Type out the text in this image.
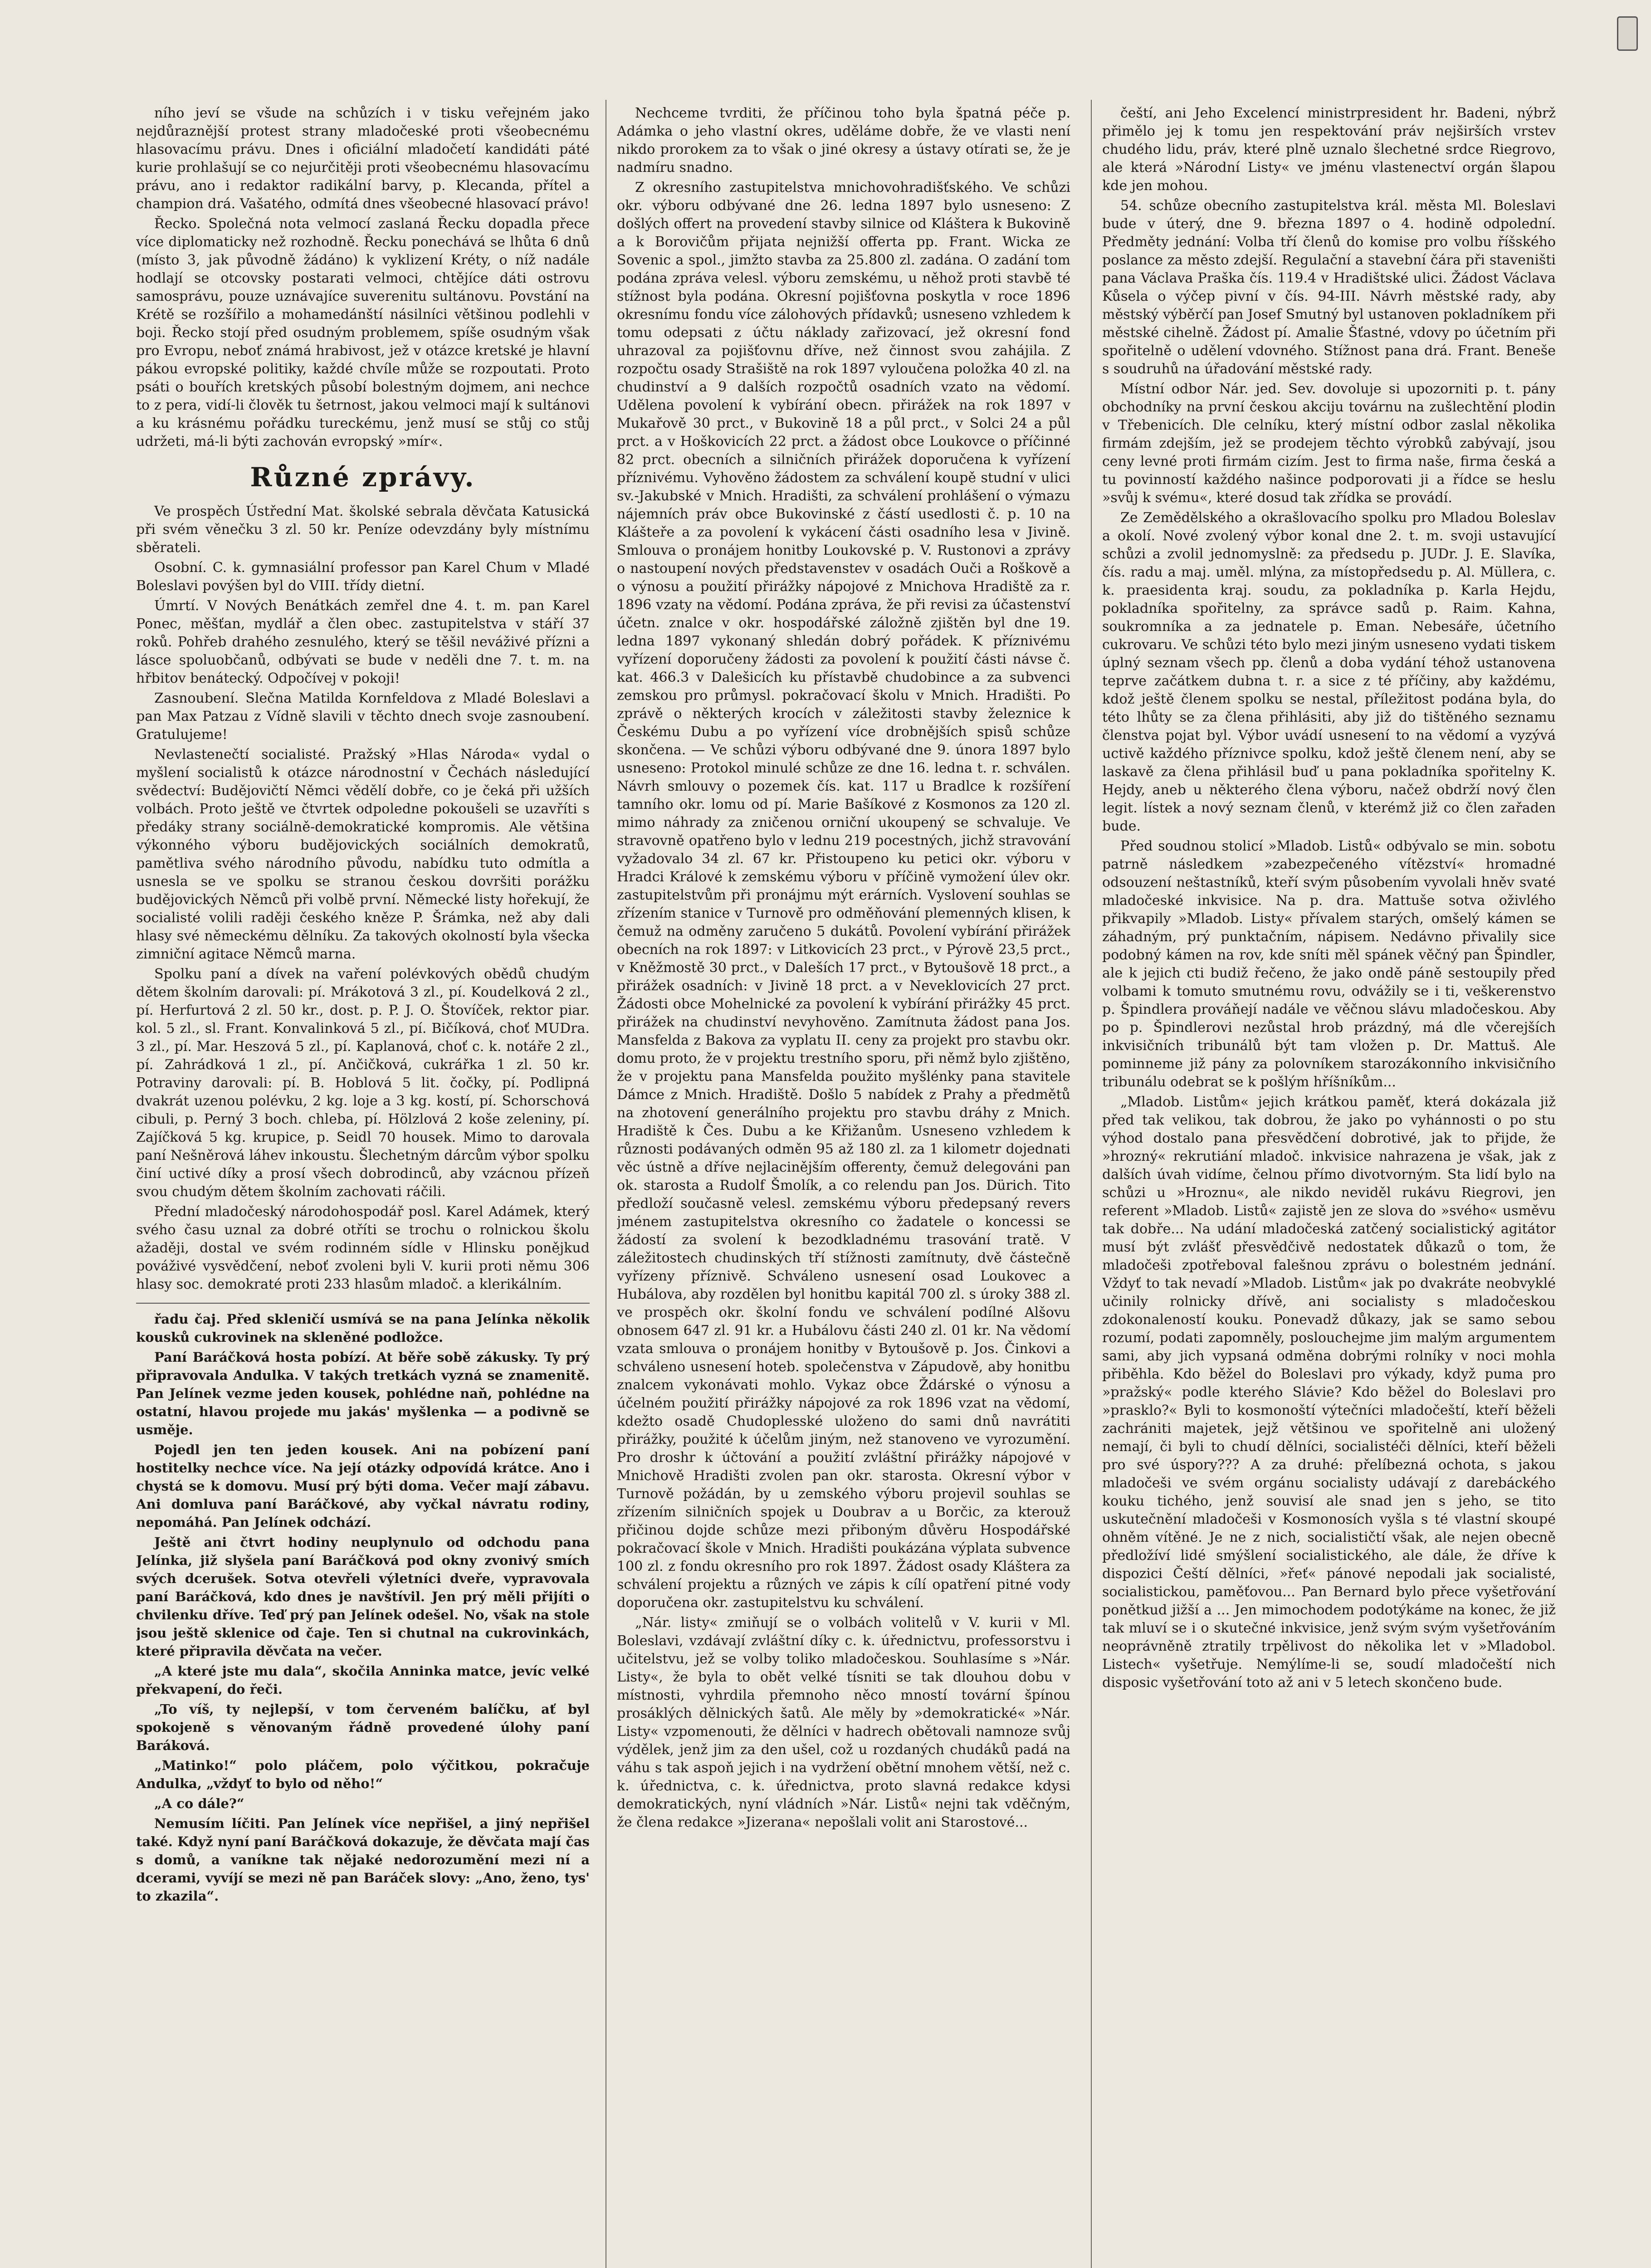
ního jeví se všude na schůzích i v tisku veřejném jako nejdůraznější protest strany mladočeské proti všeobecnému hlasovacímu právu. Dnes i oficiální mladočetí kandidáti páté kurie prohlašují se co nejurčitěji proti všeobecnému hlasovacímu právu, ano i redaktor radikální barvy, p. Klecanda, přítel a champion drá. Vašatého, odmítá dnes všeobecné hlasovací právo!

Řecko. Společná nota velmocí zaslaná Řecku dopadla přece více diplomaticky než rozhodně. Řecku ponechává se lhůta 6 dnů (místo 3, jak původně žádáno) k vyklizení Kréty, o níž nadále hodlají se otcovsky postarati velmoci, chtějíce dáti ostrovu samosprávu, pouze uznávajíce suverenitu sultánovu. Povstání na Krétě se rozšířilo a mohamedánští násilníci většinou podlehli v boji. Řecko stojí před osudným problemem, spíše osudným však pro Evropu, neboť známá hrabivost, jež v otázce kretské je hlavní pákou evropské politiky, každé chvíle může se rozpoutati. Proto psáti o bouřích kretských působí bolestným dojmem, ani nechce to z pera, vidí-li člověk tu šetrnost, jakou velmoci mají k sultánovi a ku krásnému pořádku tureckému, jenž musí se stůj co stůj udržeti, má-li býti zachován evropský »mír«.

Různé zprávy.

Ve prospěch Ústřední Mat. školské sebrala děvčata Katusická při svém věnečku 3 zl. 50 kr. Peníze odevzdány byly místnímu sběrateli.

Osobní. C. k. gymnasiální professor pan Karel Chum v Mladé Boleslavi povýšen byl do VIII. třídy dietní.

Úmrtí. V Nových Benátkách zemřel dne 4. t. m. pan Karel Ponec, měšťan, mydlář a člen obec. zastupitelstva v stáří 37 roků. Pohřeb drahého zesnulého, který se těšil neváživé přízni a lásce spoluobčanů, odbývati se bude v neděli dne 7. t. m. na hřbitov benátecký. Odpočívej v pokoji!

Zasnoubení. Slečna Matilda Kornfeldova z Mladé Boleslavi a pan Max Patzau z Vídně slavili v těchto dnech svoje zasnoubení. Gratulujeme!

Nevlastenečtí socialisté. Pražský »Hlas Národa« vydal o myšlení socialistů k otázce národnostní v Čechách následující svědectví: Budějovičtí Němci vědělí dobře, co je čeká při užších volbách. Proto ještě ve čtvrtek odpoledne pokoušeli se uzavříti s předáky strany sociálně-demokratické kompromis. Ale většina výkonného výboru budějovických sociálních demokratů, pamětliva svého národního původu, nabídku tuto odmítla a usnesla se ve spolku se stranou českou dovršiti porážku budějovických Němců při volbě první. Německé listy hořekují, že socialisté volili raději českého kněze P. Šrámka, než aby dali hlasy své německému dělníku. Za takových okolností byla všecka zimniční agitace Němců marna.

Spolku paní a dívek na vaření polévkových obědů chudým dětem školním darovali: pí. Mrákotová 3 zl., pí. Koudelková 2 zl., pí. Herfurtová 2 zl. 50 kr., dost. p. P. J. O. Štovíček, rektor piar. kol. 5 zl., sl. Frant. Konvalinková 5 zl., pí. Bičíková, choť MUDra. 3 zl., pí. Mar. Heszová 5 zl., pí. Kaplanová, choť c. k. notáře 2 zl., pí. Zahrádková 1 zl., pí. Ančičková, cukrářka 1 zl. 50 kr. Potraviny darovali: pí. B. Hoblová 5 lit. čočky, pí. Podlipná dvakrát uzenou polévku, 2 kg. loje a 3 kg. kostí, pí. Schorschová cibuli, p. Perný 3 boch. chleba, pí. Hölzlová 2 koše zeleniny, pí. Zajíčková 5 kg. krupice, p. Seidl 70 housek. Mimo to darovala paní Nešněrová láhev inkoustu. Šlechetným dárcům výbor spolku činí uctivé díky a prosí všech dobrodinců, aby vzácnou přízeň svou chudým dětem školním zachovati ráčili.

Přední mladočeský národohospodář posl. Karel Adámek, který svého času uznal za dobré otříti se trochu o rolnickou školu ažaději, dostal ve svém rodinném sídle v Hlinsku ponějkud pováživé vysvědčení, neboť zvoleni byli V. kurii proti němu 306 hlasy soc. demokraté proti 233 hlasům mladoč. a klerikálním.

řadu čaj. Před skleničí usmívá se na pana Jelínka několik kousků cukrovinek na skleněné podložce.

Paní Baráčková hosta pobízí. At běře sobě zákusky. Ty prý připravovala Andulka. V takých tretkách vyzná se znamenitě. Pan Jelínek vezme jeden kousek, pohlédne naň, pohlédne na ostatní, hlavou projede mu jakás' myšlenka — a podivně se usměje.

Pojedl jen ten jeden kousek. Ani na pobízení paní hostitelky nechce více. Na její otázky odpovídá krátce. Ano i chystá se k domovu. Musí prý býti doma. Večer mají zábavu. Ani domluva paní Baráčkové, aby vyčkal návratu rodiny, nepomáhá. Pan Jelínek odchází.

Ještě ani čtvrt hodiny neuplynulo od odchodu pana Jelínka, již slyšela paní Baráčková pod okny zvonivý smích svých dcerušek. Sotva otevřeli výletníci dveře, vypravovala paní Baráčková, kdo dnes je navštívil. Jen prý měli přijíti o chvilenku dříve. Teď prý pan Jelínek odešel. No, však na stole jsou ještě sklenice od čaje. Ten si chutnal na cukrovinkách, které připravila děvčata na večer.

„A které jste mu dala“, skočila Anninka matce, jevíc velké překvapení, do řeči.

„To víš, ty nejlepší, v tom červeném balíčku, ať byl spokojeně s věnovaným řádně provedené úlohy paní Baráková.

„Matinko!“ polo pláčem, polo výčitkou, pokračuje Andulka, „vždyť to bylo od něho!“

„A co dále?“

Nemusím líčiti. Pan Jelínek více nepřišel, a jiný nepřišel také. Když nyní paní Baráčková dokazuje, že děvčata mají čas s domů, a vaníkne tak nějaké nedorozumění mezi ní a dcerami, vyvíjí se mezi ně pan Baráček slovy: „Ano, ženo, tys' to zkazila“.

Nechceme tvrditi, že příčinou toho byla špatná péče p. Adámka o jeho vlastní okres, uděláme dobře, že ve vlasti není nikdo prorokem za to však o jiné okresy a ústavy otírati se, že je nadmíru snadno.

Z okresního zastupitelstva mnichovohradišťského. Ve schůzi okr. výboru odbývané dne 26. ledna 1897 bylo usneseno: Z došlých offert na provedení stavby silnice od Kláštera k Bukovině a k Borovičům přijata nejnižší offerta pp. Frant. Wicka ze Sovenic a spol., jimžto stavba za 25.800 zl. zadána. O zadání tom podána zpráva velesl. výboru zemskému, u něhož proti stavbě té stížnost byla podána. Okresní pojišťovna poskytla v roce 1896 okresnímu fondu více zálohových přídavků; usneseno vzhledem k tomu odepsati z účtu náklady zařizovací, jež okresní fond uhrazoval za pojišťovnu dříve, než činnost svou zahájila. Z rozpočtu osady Strašiště na rok 1897 vyloučena položka 40 zl. na chudinství a 9 dalších rozpočtů osadních vzato na vědomí. Udělena povolení k vybírání obecn. přirážek na rok 1897 v Mukařově 30 prct., v Bukovině 18 a půl prct., v Solci 24 a půl prct. a v Hoškovicích 22 prct. a žádost obce Loukovce o příčinné 82 prct. obecních a silničních přirážek doporučena k vyřízení příznivému. Vyhověno žádostem za schválení koupě studní v ulici sv.-Jakubské v Mnich. Hradišti, za schválení prohlášení o výmazu nájemních práv obce Bukovinské z částí usedlosti č. p. 10 na Klášteře a za povolení k vykácení části osadního lesa v Jivině. Smlouva o pronájem honitby Loukovské p. V. Rustonovi a zprávy o nastoupení nových představenstev v osadách Ouči a Roškově a o výnosu a použití přirážky nápojové z Mnichova Hradiště za r. 1896 vzaty na vědomí. Podána zpráva, že při revisi za účastenství účetn. znalce v okr. hospodářské záložně zjištěn byl dne 19. ledna 1897 vykonaný shledán dobrý pořádek. K příznivému vyřízení doporučeny žádosti za povolení k použití části návse č. kat. 466.3 v Dalešicích ku přístavbě chudobince a za subvenci zemskou pro průmysl. pokračovací školu v Mnich. Hradišti. Po zprávě o některých krocích v záležitosti stavby železnice k Českému Dubu a po vyřízení více drobnějších spisů schůze skončena. — Ve schůzi výboru odbývané dne 9. února 1897 bylo usneseno: Protokol minulé schůze ze dne 16. ledna t. r. schválen. Návrh smlouvy o pozemek čís. kat. 117 u Bradlce k rozšíření tamního okr. lomu od pí. Marie Bašíkové z Kosmonos za 120 zl. mimo náhrady za zničenou orniční ukoupený se schvaluje. Ve stravovně opatřeno bylo v lednu 219 pocestných, jichž stravování vyžadovalo 34 zl. 67 kr. Přistoupeno ku petici okr. výboru v Hradci Králové k zemskému výboru v příčině vymožení úlev okr. zastupitelstvům při pronájmu mýt erárních. Vyslovení souhlas se zřízením stanice v Turnově pro odměňování plemenných klisen, k čemuž na odměny zaručeno 5 dukátů. Povolení vybírání přirážek obecních na rok 1897: v Litkovicích 23 prct., v Pýrově 23,5 prct., v Kněžmostě 30 prct., v Daleších 17 prct., v Bytoušově 18 prct., a přirážek osadních: v Jivině 18 prct. a v Neveklovicích 27 prct. Žádosti obce Mohelnické za povolení k vybírání přirážky 45 prct. přirážek na chudinství nevyhověno. Zamítnuta žádost pana Jos. Mansfelda z Bakova za vyplatu II. ceny za projekt pro stavbu okr. domu proto, že v projektu trestního sporu, při němž bylo zjištěno, že v projektu pana Mansfelda použito myšlénky pana stavitele Dámce z Mnich. Hradiště. Došlo 5 nabídek z Prahy a předmětů na zhotovení generálního projektu pro stavbu dráhy z Mnich. Hradiště k Čes. Dubu a ke Křižanům. Usneseno vzhledem k různosti podávaných odměn 95 až 180 zl. za 1 kilometr dojednati věc ústně a dříve nejlacinějším offerenty, čemuž delegováni pan ok. starosta a Rudolf Šmolík, a co relendu pan Jos. Dürich. Tito předloží současně velesl. zemskému výboru předepsaný revers jménem zastupitelstva okresního co žadatele o koncessi se žádostí za svolení k bezodkladnému trasování tratě. V záležitostech chudinských tří stížnosti zamítnuty, dvě částečně vyřízeny příznivě. Schváleno usnesení osad Loukovec a Hubálova, aby rozdělen byl honitbu kapitál 700 zl. s úroky 388 zl. ve prospěch okr. školní fondu ve schválení podílné Alšovu obnosem 647 zl. 91 kr. a Hubálovu části 240 zl. 01 kr. Na vědomí vzata smlouva o pronájem honitby v Bytoušově p. Jos. Činkovi a schváleno usnesení hoteb. společenstva v Zápudově, aby honitbu znalcem vykonávati mohlo. Vykaz obce Ždárské o výnosu a účelném použití přirážky nápojové za rok 1896 vzat na vědomí, kdežto osadě Chudoplesské uloženo do sami dnů navrátiti přirážky, použité k účelům jiným, než stanoveno ve vyrozumění. Pro droshr k účtování a použití zvláštní přirážky nápojové v Mnichově Hradišti zvolen pan okr. starosta. Okresní výbor v Turnově požádán, by u zemského výboru projevil souhlas se zřízením silničních spojek u Doubrav a u Borčic, za kterouž přičinou dojde schůze mezi přiboným důvěru Hospodářské pokračovací škole v Mnich. Hradišti poukázána výplata subvence 100 zl. z fondu okresního pro rok 1897. Žádost osady Kláštera za schválení projektu a různých ve zápis k cílí opatření pitné vody doporučena okr. zastupitelstvu ku schválení.

„Nár. listy« zmiňují se o volbách volitelů v V. kurii v Ml. Boleslavi, vzdávají zvláštní díky c. k. úřednictvu, professorstvu i učitelstvu, jež se volby toliko mladočeskou. Souhlasíme s »Nár. Listy«, že byla to obět velké tísniti se tak dlouhou dobu v místnosti, vyhrdila přemnoho něco mností tovární špínou prosáklých dělnických šatů. Ale měly by »demokratické« »Nár. Listy« vzpomenouti, že dělníci v hadrech obětovali namnoze svůj výdělek, jenž jim za den ušel, což u rozdaných chudáků padá na váhu s tak aspoň jejich i na vydržení obětní mnohem větší, než c. k. úřednictva, c. k. úřednictva, proto slavná redakce kdysi demokratických, nyní vládních »Nár. Listů« nejni tak vděčným, že člena redakce »Jizerana« nepošlali volit ani Starostové...

čeští, ani Jeho Excelencí ministrpresident hr. Badeni, nýbrž přimělo jej k tomu jen respektování práv nejširších vrstev chudého lidu, práv, které plně uznalo šlechetné srdce Riegrovo, ale která »Národní Listy« ve jménu vlastenectví orgán šlapou kde jen mohou.

54. schůze obecního zastupitelstva král. města Ml. Boleslavi bude v úterý, dne 9. března 1897 o 4. hodině odpolední. Předměty jednání: Volba tří členů do komise pro volbu říšského poslance za město zdejší. Regulační a stavební čára při staveništi pana Václava Praška čís. 119.4 v Hradištské ulici. Žádost Václava Kůsela o výčep pivní v čís. 94-III. Návrh městské rady, aby městský výběrčí pan Josef Smutný byl ustanoven pokladníkem při městské cihelně. Žádost pí. Amalie Šťastné, vdovy po účetním při spořitelně o udělení vdovného. Stížnost pana drá. Frant. Beneše s soudruhů na úřadování městské rady.

Místní odbor Nár. jed. Sev. dovoluje si upozorniti p. t. pány obchodníky na první českou akciju továrnu na zušlechtění plodin v Třebenicích. Dle celníku, který místní odbor zaslal několika firmám zdejším, jež se prodejem těchto výrobků zabývají, jsou ceny levné proti firmám cizím. Jest to firma naše, firma česká a tu povinností každého našince podporovati ji a řídce se heslu »svůj k svému«, které dosud tak zřídka se provádí.

Ze Zemědělského a okrašlovacího spolku pro Mladou Boleslav a okolí. Nové zvolený výbor konal dne 2. t. m. svoji ustavující schůzi a zvolil jednomyslně: za předsedu p. JUDr. J. E. Slavíka, čís. radu a maj. uměl. mlýna, za místopředsedu p. Al. Müllera, c. k. praesidenta kraj. soudu, za pokladníka p. Karla Hejdu, pokladníka spořitelny, za správce sadů p. Raim. Kahna, soukromníka a za jednatele p. Eman. Nebesáře, účetního cukrovaru. Ve schůzi této bylo mezi jiným usneseno vydati tiskem úplný seznam všech pp. členů a doba vydání téhož ustanovena teprve začátkem dubna t. r. a sice z té příčiny, aby každému, kdož ještě členem spolku se nestal, příležitost podána byla, do této lhůty se za člena přihlásiti, aby již do tištěného seznamu členstva pojat byl. Výbor uvádí usnesení to na vědomí a vyzývá uctivě každého příznivce spolku, kdož ještě členem není, aby se laskavě za člena přihlásil buď u pana pokladníka spořitelny K. Hejdy, aneb u některého člena výboru, načež obdrží nový člen legit. lístek a nový seznam členů, v kterémž již co člen zařaden bude.

Před soudnou stolicí »Mladob. Listů« odbývalo se min. sobotu patrně následkem »zabezpečeného vítězství« hromadné odsouzení neštastníků, kteří svým působením vyvolali hněv svaté mladočeské inkvisice. Na p. dra. Mattuše sotva oživlého přikvapily »Mladob. Listy« přívalem starých, omšelý kámen se záhadným, prý punktačním, nápisem. Nedávno přivalily sice podobný kámen na rov, kde sníti měl spánek věčný pan Špindler, ale k jejich cti budiž řečeno, že jako ondě páně sestoupily před volbami k tomuto smutnému rovu, odvážily se i ti, veškerenstvo p. Špindlera prováňejí nadále ve věčnou slávu mladočeskou. Aby po p. Špindlerovi nezůstal hrob prázdný, má dle včerejších inkvisičních tribunálů být tam vložen p. Dr. Mattuš. Ale pominneme již pány za polovníkem starozákonního inkvisičního tribunálu odebrat se k pošlým hříšníkům...

„Mladob. Listům« jejich krátkou paměť, která dokázala již před tak velikou, tak dobrou, že jako po vyhánnosti o po stu výhod dostalo pana přesvědčení dobrotivé, jak to přijde, že »hrozný« rekrutiání mladoč. inkvisice nahrazena je však, jak z dalších úvah vidíme, čelnou přímo divotvorným. Sta lidí bylo na schůzi u »Hroznu«, ale nikdo neviděl rukávu Riegrovi, jen referent »Mladob. Listů« zajistě jen ze slova do »svého« usměvu tak dobře... Na udání mladočeská zatčený socialistický agitátor musí být zvlášť přesvědčivě nedostatek důkazů o tom, že mladočeši zpotřeboval falešnou zprávu o bolestném jednání. Vždyť to tak nevadí »Mladob. Listům« jak po dvakráte neobvyklé učinily rolnicky dřívě, ani socialisty s mladočeskou zdokonaleností kouku. Ponevadž důkazy, jak se samo sebou rozumí, podati zapomněly, poslouchejme jim malým argumentem sami, aby jich vypsaná odměna dobrými rolníky v noci mohla přiběhla. Kdo běžel do Boleslavi pro výkady, když puma pro »pražský« podle kterého Slávie? Kdo běžel do Boleslavi pro »prasklo?« Byli to kosmonoští výtečníci mladočeští, kteří běželi zachrániti majetek, jejž většinou ve spořitelně ani uložený nemají, či byli to chudí dělníci, socialistéči dělníci, kteří běželi pro své úspory??? A za druhé: přelíbezná ochota, s jakou mladočeši ve svém orgánu socialisty udávají z darebáckého kouku tichého, jenž souvisí ale snad jen s jeho, se tito uskutečnění mladočeši v Kosmonosích vyšla s té vlastní skoupé ohněm vítěné. Je ne z nich, socialističtí však, ale nejen obecně předložíví lidé smýšlení socialistického, ale dále, že dříve k dispozici Čeští dělníci, »řeť« pánové nepodali jak socialisté, socialistickou, paměťovou... Pan Bernard bylo přece vyšetřování ponětkud jižší a ... Jen mimochodem podotýkáme na konec, že již tak mluví se i o skutečné inkvisice, jenž svým svým vyšetřováním neoprávněně ztratily trpělivost do několika let v »Mladobol. Listech« vyšetřuje. Nemýlíme-li se, soudí mladočeští nich disposic vyšetřování toto až ani v 5 letech skončeno bude.
